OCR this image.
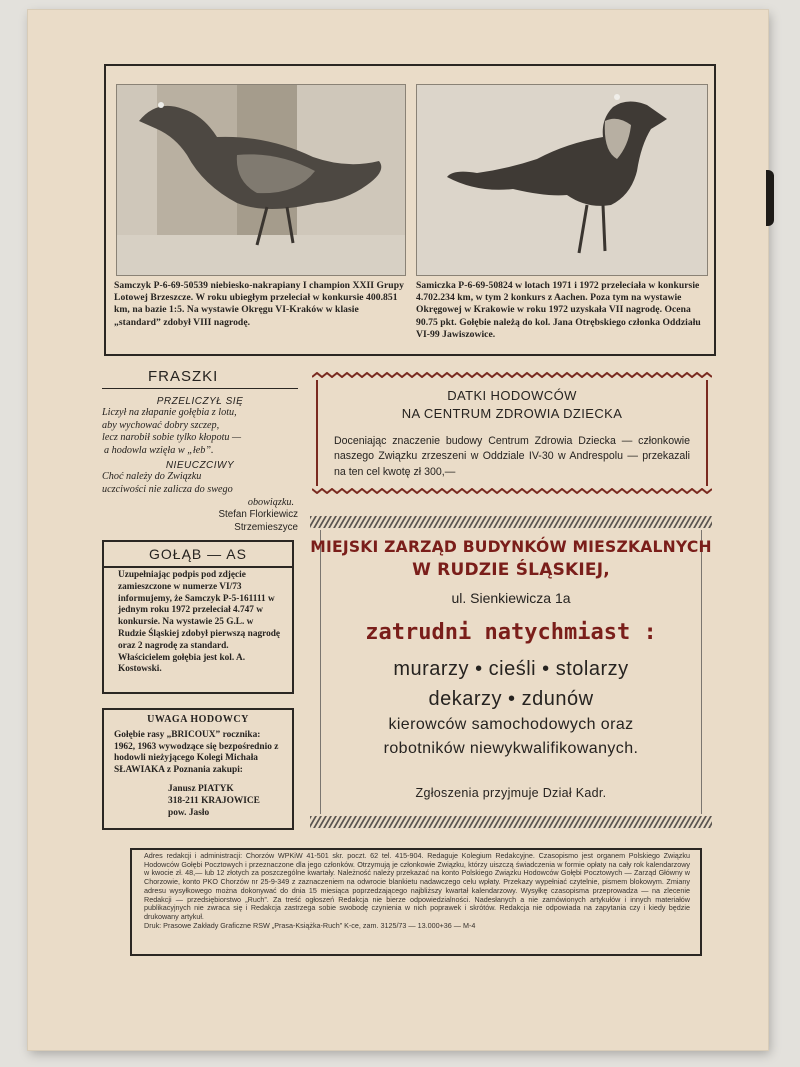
Samczyk P-6-69-50539 niebiesko-nakrapiany I champion XXII Grupy Lotowej Brzeszcze. W roku ubiegłym przeleciał w konkursie 400.851 km, na bazie 1:5. Na wystawie Okręgu VI-Kraków w klasie „standard” zdobył VIII nagrodę.
Samiczka P-6-69-50824 w lotach 1971 i 1972 przeleciała w konkursie 4.702.234 km, w tym 2 konkurs z Aachen. Poza tym na wystawie Okręgowej w Krakowie w roku 1972 uzyskała VII nagrodę. Ocena 90.75 pkt. Gołębie należą do kol. Jana Otrębskiego członka Oddziału VI-99 Jawiszowice.
FRASZKI
PRZELICZYŁ SIĘ
Liczył na złapanie gołębia z lotu,
aby wychować dobry szczep,
lecz narobił sobie tylko kłopotu —
a hodowla wzięła w „łeb”.
NIEUCZCIWY
Choć należy do Związku
uczciwości nie zalicza do swego
obowiązku.
Stefan Florkiewicz
Strzemieszyce
DATKI HODOWCÓW
NA CENTRUM ZDROWIA DZIECKA
Doceniając znaczenie budowy Centrum Zdrowia Dziecka — członkowie naszego Związku zrzeszeni w Oddziale IV-30 w Andrespolu — przekazali na ten cel kwotę zł 300,—
GOŁĄB — AS
Uzupełniając podpis pod zdjęcie zamieszczone w numerze VI/73 informujemy, że Samczyk P-5-161111 w jednym roku 1972 przeleciał 4.747 w konkursie. Na wystawie 25 G.L. w Rudzie Śląskiej zdobył pierwszą nagrodę oraz 2 nagrodę za standard. Właścicielem gołębia jest kol. A. Kostowski.
UWAGA HODOWCY
Gołębie rasy „BRICOUX” rocznika: 1962, 1963 wywodzące się bezpośrednio z hodowli nieżyjącego Kolegi Michała SŁAWIAKA z Poznania zakupi:
Janusz PIATYK
318-211 KRAJOWICE
pow. Jasło
MIEJSKI ZARZĄD BUDYNKÓW MIESZKALNYCH
W RUDZIE ŚLĄSKIEJ,
ul. Sienkiewicza 1a
zatrudni natychmiast :
murarzy • cieśli • stolarzy
dekarzy • zdunów
kierowców samochodowych oraz
robotników niewykwalifikowanych.
Zgłoszenia przyjmuje Dział Kadr.
Adres redakcji i administracji: Chorzów WPKiW 41-501 skr. poczt. 62 tel. 415-904. Redaguje Kolegium Redakcyjne. Czasopismo jest organem Polskiego Związku Hodowców Gołębi Pocztowych i przeznaczone dla jego członków. Otrzymują je członkowie Związku, którzy uiszczą świadczenia w formie opłaty na cały rok kalendarzowy w kwocie zł. 48,— lub 12 złotych za poszczególne kwartały. Należność należy przekazać na konto Polskiego Związku Hodowców Gołębi Pocztowych — Zarząd Główny w Chorzowie, konto PKO Chorzów nr 25-9-349 z zaznaczeniem na odwrocie blankietu nadawczego celu wpłaty. Przekazy wypełniać czytelnie, pismem blokowym. Zmiany adresu wysyłkowego można dokonywać do dnia 15 miesiąca poprzedzającego najbliższy kwartał kalendarzowy. Wysyłkę czasopisma przeprowadza — na zlecenie Redakcji — przedsiębiorstwo „Ruch”. Za treść ogłoszeń Redakcja nie bierze odpowiedzialności. Nadesłanych a nie zamówionych artykułów i innych materiałów publikacyjnych nie zwraca się i Redakcja zastrzega sobie swobodę czynienia w nich poprawek i skrótów. Redakcja nie odpowiada na zapytania czy i kiedy będzie drukowany artykuł.
Druk: Prasowe Zakłady Graficzne RSW „Prasa-Książka-Ruch” K-ce, zam. 3125/73 — 13.000+36 — M-4
